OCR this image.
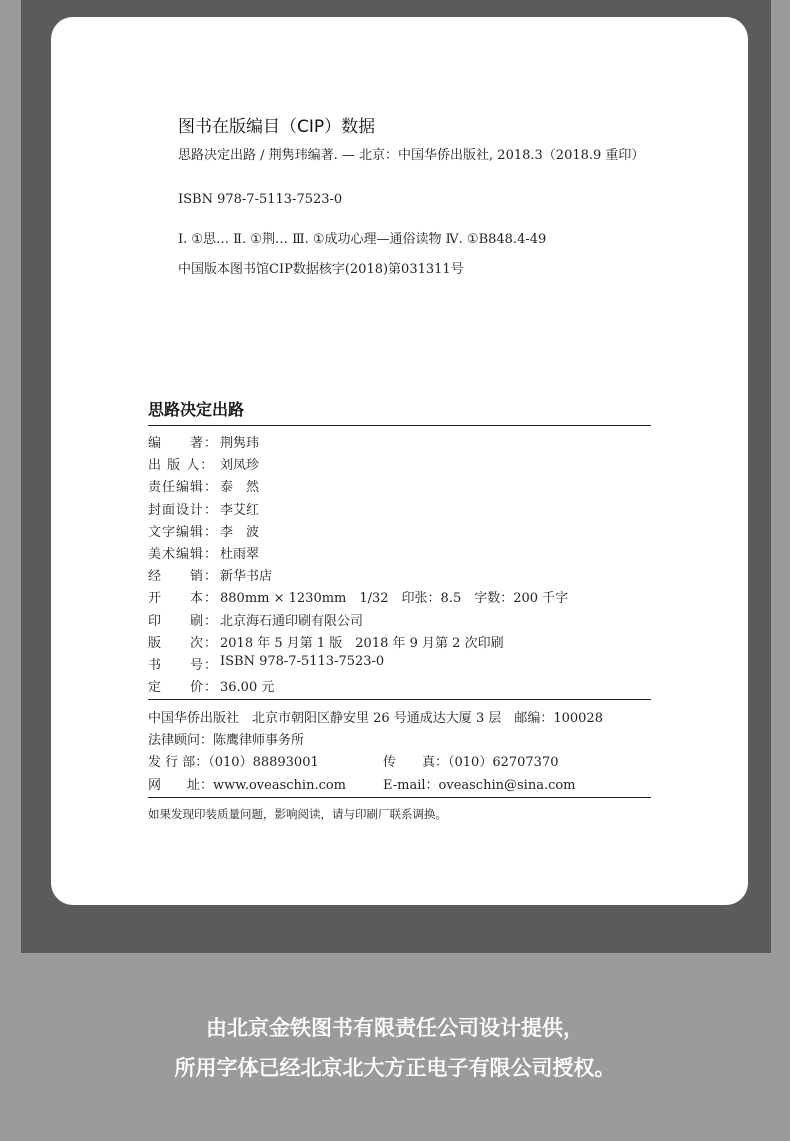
图书在版编目（CIP）数据
思路决定出路 / 荆隽玮编著. — 北京：中国华侨出版社, 2018.3（2018.9 重印）
ISBN 978-7-5113-7523-0
Ⅰ. ①思… Ⅱ. ①荆… Ⅲ. ①成功心理—通俗读物 Ⅳ. ①B848.4-49
中国版本图书馆CIP数据核字(2018)第031311号
思路决定出路
编　　著： 荆隽玮
出 版 人： 刘凤珍
责任编辑： 泰　然
封面设计： 李艾红
文字编辑： 李　波
美术编辑： 杜雨翠
经　　销： 新华书店
开　　本： 880mm × 1230mm　1/32　印张：8.5　字数：200 千字
印　　刷： 北京海石通印刷有限公司
版　　次： 2018 年 5 月第 1 版　2018 年 9 月第 2 次印刷
书　　号： ISBN 978-7-5113-7523-0
定　　价： 36.00 元
中国华侨出版社　北京市朝阳区静安里 26 号通成达大厦 3 层　邮编：100028
法律顾问：陈鹰律师事务所
发 行 部：（010）88893001	传　　真：（010）62707370
网　　址：www.oveaschin.com	E-mail：oveaschin@sina.com
如果发现印装质量问题，影响阅读，请与印刷厂联系调换。
由北京金铁图书有限责任公司设计提供，
所用字体已经北京北大方正电子有限公司授权。
